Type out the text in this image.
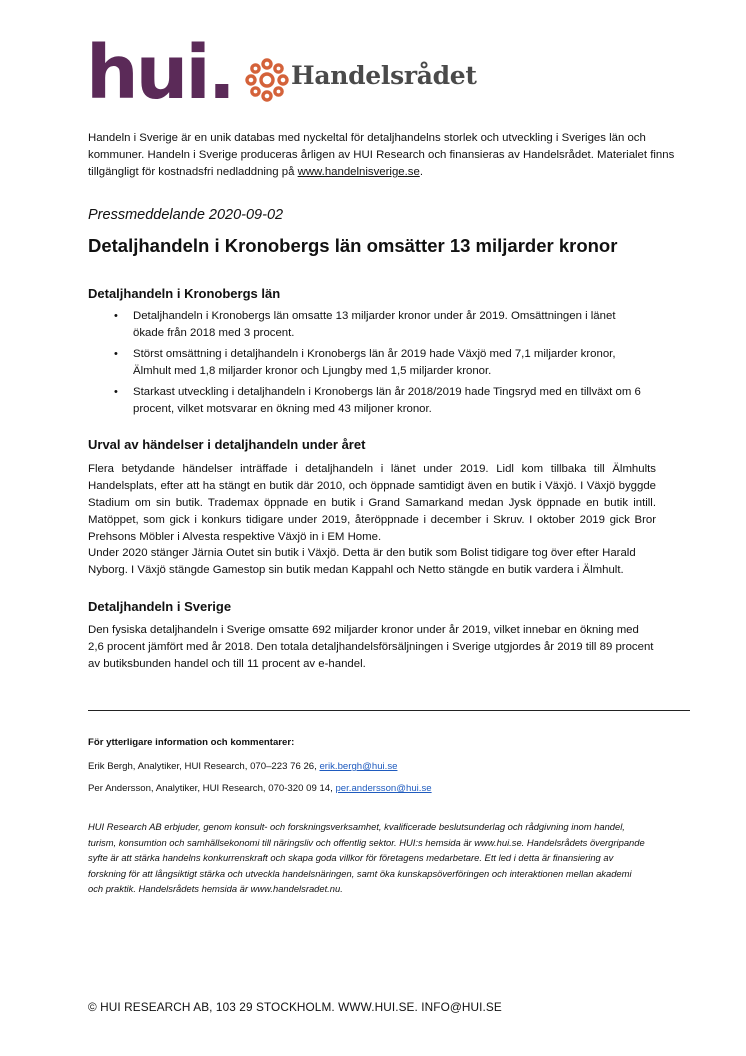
hui. Handelsrådet

Handeln i Sverige är en unik databas med nyckeltal för detaljhandelns storlek och utveckling i Sveriges län och kommuner. Handeln i Sverige produceras årligen av HUI Research och finansieras av Handelsrådet. Materialet finns tillgängligt för kostnadsfri nedladdning på www.handelnisverige.se.

Pressmeddelande 2020-09-02

Detaljhandeln i Kronobergs län omsätter 13 miljarder kronor
Detaljhandeln i Kronobergs län
• Detaljhandeln i Kronobergs län omsatte 13 miljarder kronor under år 2019. Omsättningen i länet ökade från 2018 med 3 procent.
• Störst omsättning i detaljhandeln i Kronobergs län år 2019 hade Växjö med 7,1 miljarder kronor, Älmhult med 1,8 miljarder kronor och Ljungby med 1,5 miljarder kronor.
• Starkast utveckling i detaljhandeln i Kronobergs län år 2018/2019 hade Tingsryd med en tillväxt om 6 procent, vilket motsvarar en ökning med 43 miljoner kronor.
Urval av händelser i detaljhandeln under året

Flera betydande händelser inträffade i detaljhandeln i länet under 2019. Lidl kom tillbaka till Älmhults Handelsplats, efter att ha stängt en butik där 2010, och öppnade samtidigt även en butik i Växjö. I Växjö byggde Stadium om sin butik. Trademax öppnade en butik i Grand Samarkand medan Jysk öppnade en butik intill. Matöppet, som gick i konkurs tidigare under 2019, återöppnade i december i Skruv. I oktober 2019 gick Bror Prehsons Möbler i Alvesta respektive Växjö in i EM Home.

Under 2020 stänger Järnia Outet sin butik i Växjö. Detta är den butik som Bolist tidigare tog över efter Harald Nyborg. I Växjö stängde Gamestop sin butik medan Kappahl och Netto stängde en butik vardera i Älmhult.

Detaljhandeln i Sverige

Den fysiska detaljhandeln i Sverige omsatte 692 miljarder kronor under år 2019, vilket innebar en ökning med 2,6 procent jämfört med år 2018. Den totala detaljhandelsförsäljningen i Sverige utgjordes år 2019 till 89 procent av butiksbunden handel och till 11 procent av e-handel.

För ytterligare information och kommentarer:

Erik Bergh, Analytiker, HUI Research, 070–223 76 26, erik.bergh@hui.se

Per Andersson, Analytiker, HUI Research, 070-320 09 14, per.andersson@hui.se

HUI Research AB erbjuder, genom konsult- och forskningsverksamhet, kvalificerade beslutsunderlag och rådgivning inom handel, turism, konsumtion och samhällsekonomi till näringsliv och offentlig sektor. HUI:s hemsida är www.hui.se. Handelsrådets övergripande syfte är att stärka handelns konkurrenskraft och skapa goda villkor för företagens medarbetare. Ett led i detta är finansiering av forskning för att långsiktigt stärka och utveckla handelsnäringen, samt öka kunskapsöverföringen och interaktionen mellan akademi och praktik. Handelsrådets hemsida är www.handelsradet.nu.

© HUI RESEARCH AB, 103 29 STOCKHOLM. WWW.HUI.SE. INFO@HUI.SE
